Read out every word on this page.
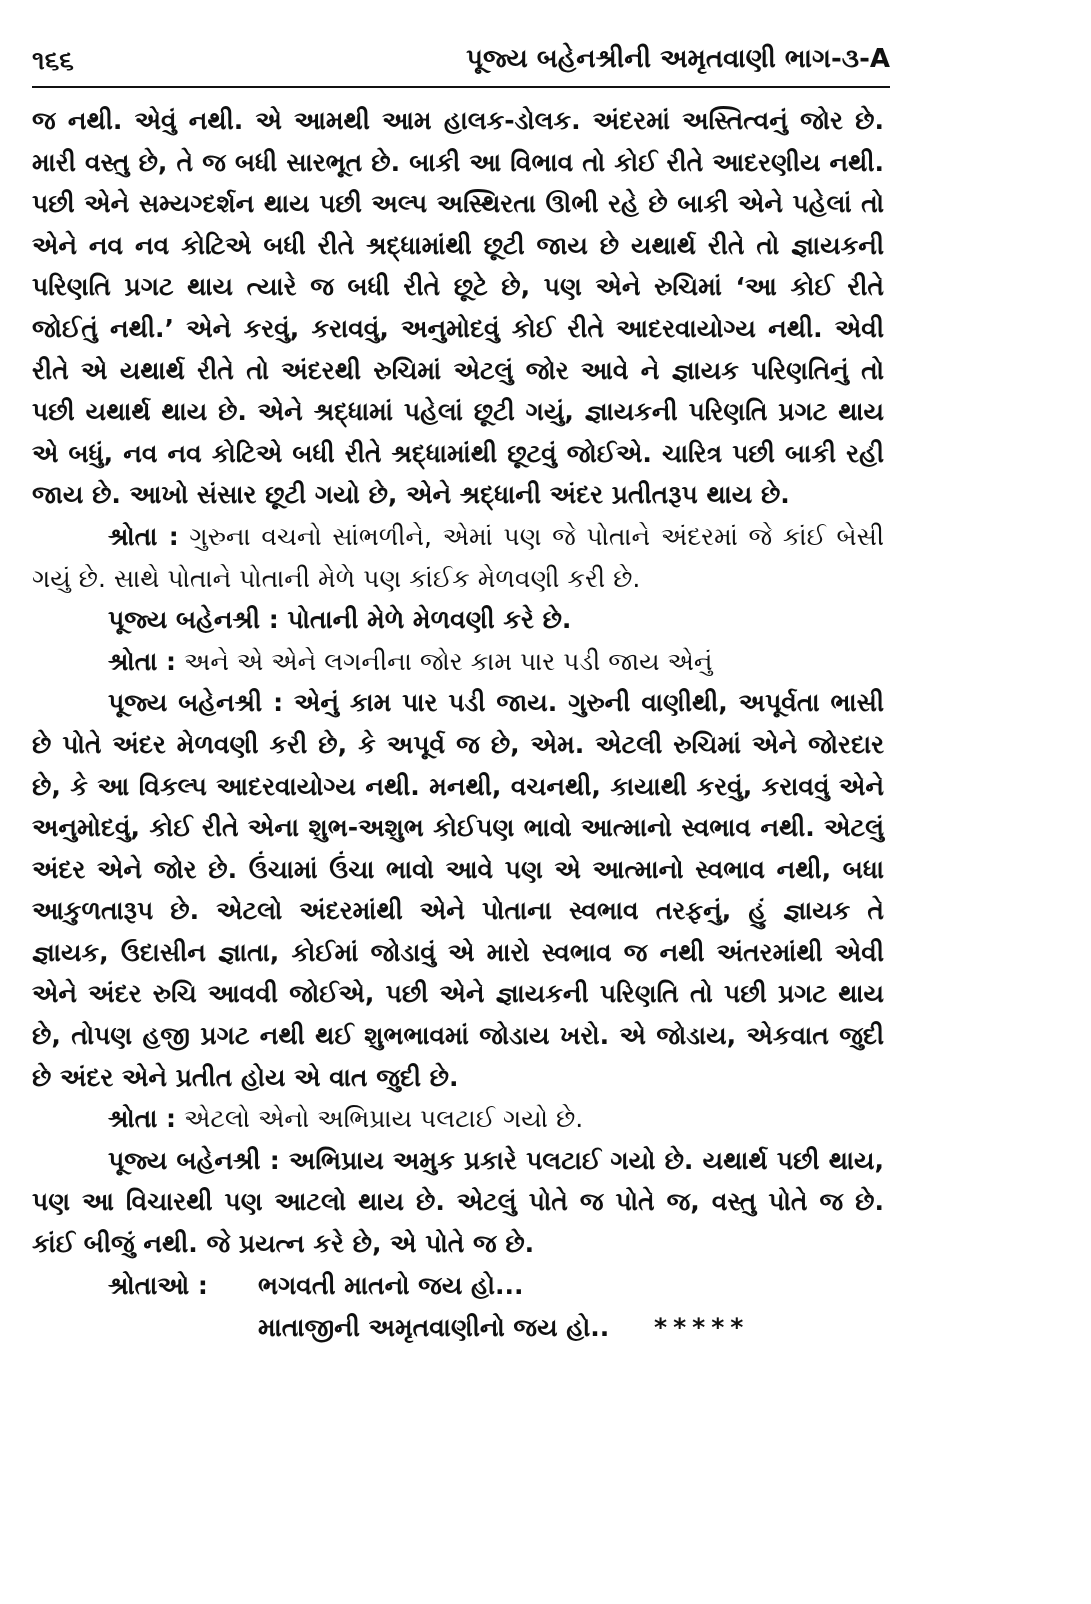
૧૬૬	પૂજ્ય બહેનશ્રીની અમૃતવાણી ભાગ-૩-A

જ નથી. એવું નથી. એ આમથી આમ હાલક-ડોલક. અંદરમાં અસ્તિત્વનું જોર છે. મારી વસ્તુ છે, તે જ બધી સારભૂત છે. બાકી આ વિભાવ તો કોઈ રીતે આદરણીય નથી. પછી એને સમ્યગ્દર્શન થાય પછી અલ્પ અસ્થિરતા ઊભી રહે છે બાકી એને પહેલાં તો એને નવ નવ કોટિએ બધી રીતે શ્રદ્ધામાંથી છૂટી જાય છે યથાર્થ રીતે તો જ્ઞાયકની પરિણતિ પ્રગટ થાય ત્યારે જ બધી રીતે છૂટે છે, પણ એને રુચિમાં ‘આ કોઈ રીતે જોઈતું નથી.’ એને કરવું, કરાવવું, અનુમોદવું કોઈ રીતે આદરવાયોગ્ય નથી. એવી રીતે એ યથાર્થ રીતે તો અંદરથી રુચિમાં એટલું જોર આવે ને જ્ઞાયક પરિણતિનું તો પછી યથાર્થ થાય છે. એને શ્રદ્ધામાં પહેલાં છૂટી ગયું, જ્ઞાયકની પરિણતિ પ્રગટ થાય એ બધું, નવ નવ કોટિએ બધી રીતે શ્રદ્ધામાંથી છૂટવું જોઈએ. ચારિત્ર પછી બાકી રહી જાય છે. આખો સંસાર છૂટી ગયો છે, એને શ્રદ્ધાની અંદર પ્રતીતરૂપ થાય છે.

શ્રોતા : ગુરુના વચનો સાંભળીને, એમાં પણ જે પોતાને અંદરમાં જે કાંઈ બેસી ગયું છે. સાથે પોતાને પોતાની મેળે પણ કાંઈક મેળવણી કરી છે.

પૂજ્ય બહેનશ્રી : પોતાની મેળે મેળવણી કરે છે.

શ્રોતા : અને એ એને લગનીના જોર કામ પાર પડી જાય એનું

પૂજ્ય બહેનશ્રી : એનું કામ પાર પડી જાય. ગુરુની વાણીથી, અપૂર્વતા ભાસી છે પોતે અંદર મેળવણી કરી છે, કે અપૂર્વ જ છે, એમ. એટલી રુચિમાં એને જોરદાર છે, કે આ વિકલ્પ આદરવાયોગ્ય નથી. મનથી, વચનથી, કાયાથી કરવું, કરાવવું એને અનુમોદવું, કોઈ રીતે એના શુભ-અશુભ કોઈપણ ભાવો આત્માનો સ્વભાવ નથી. એટલું અંદર એને જોર છે. ઉંચામાં ઉંચા ભાવો આવે પણ એ આત્માનો સ્વભાવ નથી, બધા આકુળતારૂપ છે. એટલો અંદરમાંથી એને પોતાના સ્વભાવ તરફનું, હું જ્ઞાયક તે જ્ઞાયક, ઉદાસીન જ્ઞાતા, કોઈમાં જોડાવું એ મારો સ્વભાવ જ નથી અંતરમાંથી એવી એને અંદર રુચિ આવવી જોઈએ, પછી એને જ્ઞાયકની પરિણતિ તો પછી પ્રગટ થાય છે, તોપણ હજી પ્રગટ નથી થઈ શુભભાવમાં જોડાય ખરો. એ જોડાય, એકવાત જુદી છે અંદર એને પ્રતીત હોય એ વાત જુદી છે.

શ્રોતા : એટલો એનો અભિપ્રાય પલટાઈ ગયો છે.

પૂજ્ય બહેનશ્રી : અભિપ્રાય અમુક પ્રકારે પલટાઈ ગયો છે. યથાર્થ પછી થાય, પણ આ વિચારથી પણ આટલો થાય છે. એટલું પોતે જ પોતે જ, વસ્તુ પોતે જ છે. કાંઈ બીજું નથી. જે પ્રયત્ન કરે છે, એ પોતે જ છે.

શ્રોતાઓ : ભગવતી માતનો જય હો...
માતાજીની અમૃતવાણીનો જય હો.. *****
